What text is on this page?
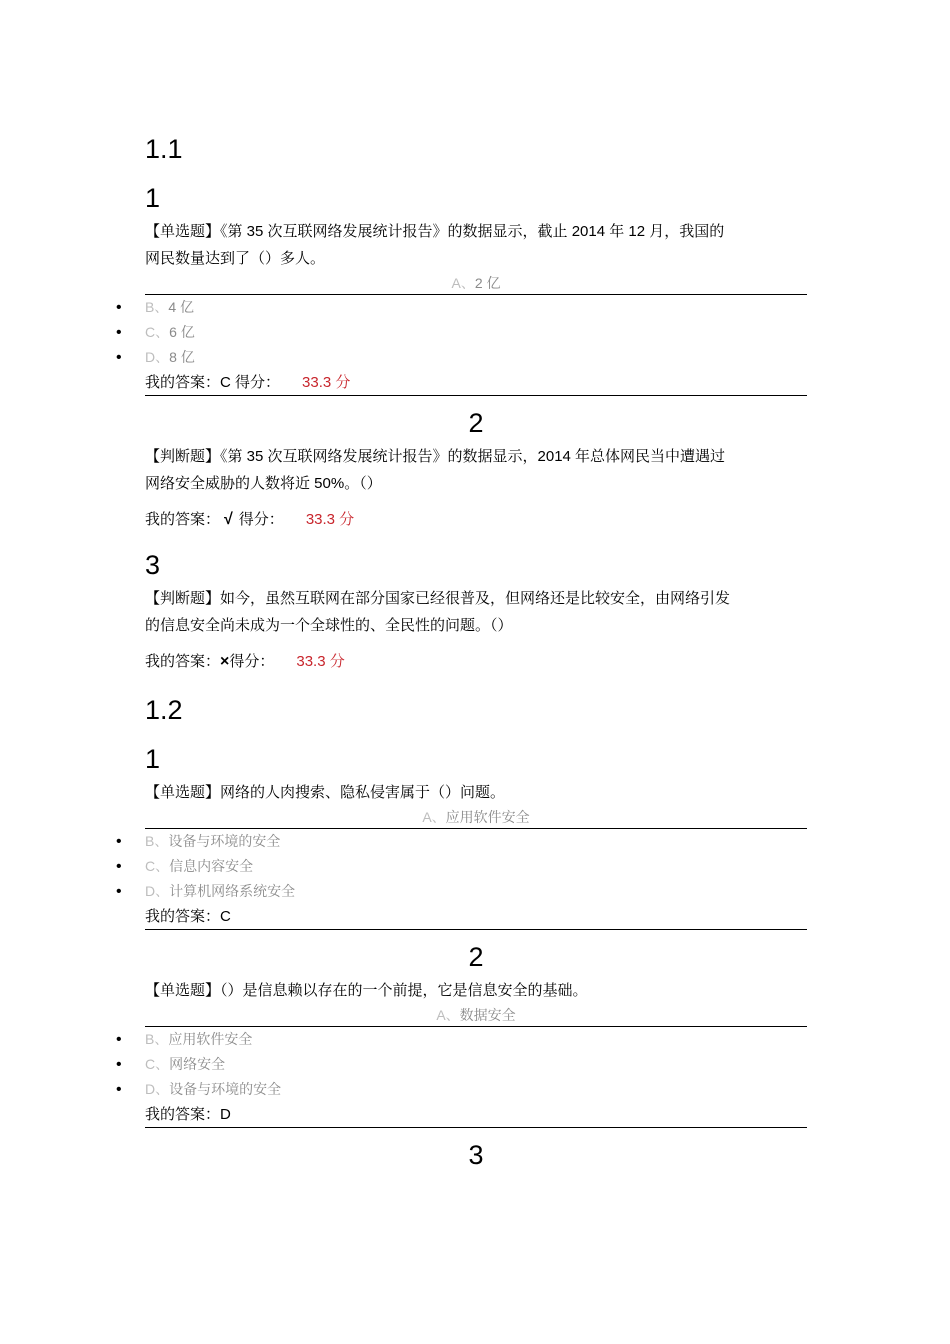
1.1
1

【单选题】《第 35 次互联网络发展统计报告》的数据显示，截止 2014 年 12 月，我国的

网民数量达到了（）多人。

A、2 亿
• B、4 亿
• C、6 亿
• D、8 亿
我的答案：C 得分： 33.3 分
2

【判断题】《第 35 次互联网络发展统计报告》的数据显示，2014 年总体网民当中遭遇过

网络安全威胁的人数将近 50%。（）

我的答案： √ 得分： 33.3 分
3

【判断题】如今，虽然互联网在部分国家已经很普及，但网络还是比较安全，由网络引发

的信息安全尚未成为一个全球性的、全民性的问题。（）

我的答案：×得分： 33.3 分
1.2
1

【单选题】网络的人肉搜索、隐私侵害属于（）问题。

A、应用软件安全
• B、设备与环境的安全
• C、信息内容安全
• D、计算机网络系统安全
我的答案：C
2

【单选题】（）是信息赖以存在的一个前提，它是信息安全的基础。

A、数据安全
• B、应用软件安全
• C、网络安全
• D、设备与环境的安全
我的答案：D
3
